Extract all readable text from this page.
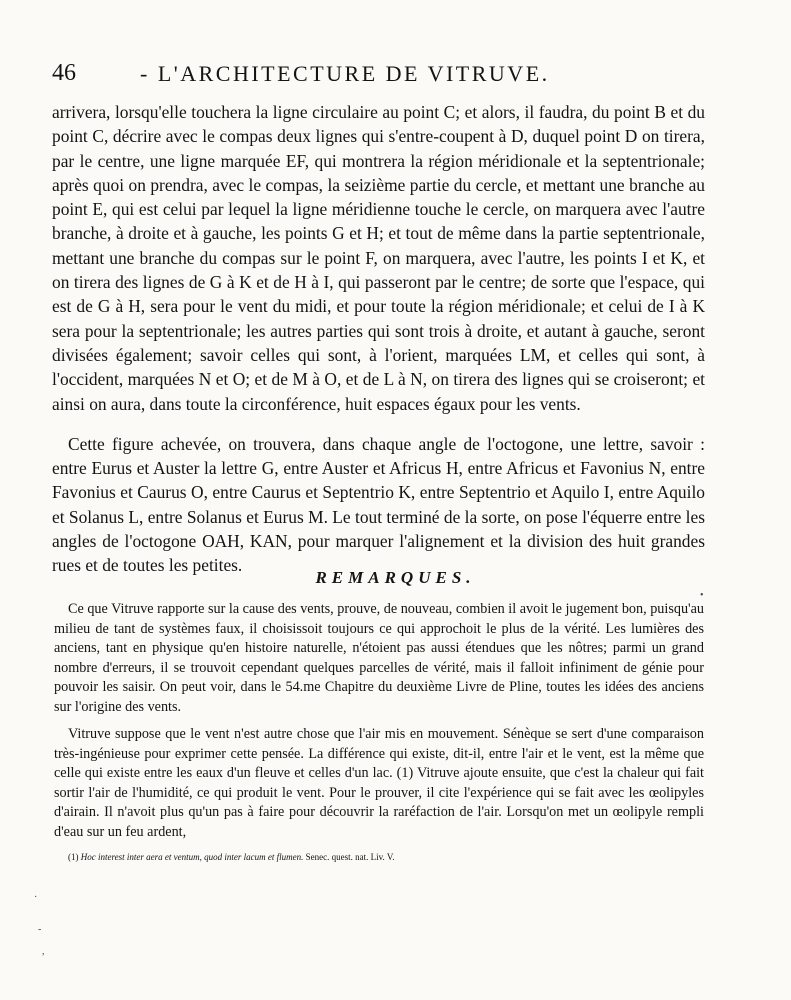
46	- L'ARCHITECTURE DE VITRUVE.

arrivera, lorsqu'elle touchera la ligne circulaire au point C; et alors, il faudra, du point B et du point C, décrire avec le compas deux lignes qui s'entre-coupent à D, duquel point D on tirera, par le centre, une ligne marquée EF, qui montrera la région méridionale et la septentrionale; après quoi on prendra, avec le compas, la seizième partie du cercle, et mettant une branche au point E, qui est celui par lequel la ligne méridienne touche le cercle, on marquera avec l'autre branche, à droite et à gauche, les points G et H; et tout de même dans la partie septentrionale, mettant une branche du compas sur le point F, on marquera, avec l'autre, les points I et K, et on tirera des lignes de G à K et de H à I, qui passeront par le centre; de sorte que l'espace, qui est de G à H, sera pour le vent du midi, et pour toute la région méridionale; et celui de I à K sera pour la septentrionale; les autres parties qui sont trois à droite, et autant à gauche, seront divisées également; savoir celles qui sont, à l'orient, marquées LM, et celles qui sont, à l'occident, marquées N et O; et de M à O, et de L à N, on tirera des lignes qui se croiseront; et ainsi on aura, dans toute la circonférence, huit espaces égaux pour les vents.

Cette figure achevée, on trouvera, dans chaque angle de l'octogone, une lettre, savoir : entre Eurus et Auster la lettre G, entre Auster et Africus H, entre Africus et Favonius N, entre Favonius et Caurus O, entre Caurus et Septentrio K, entre Septentrio et Aquilo I, entre Aquilo et Solanus L, entre Solanus et Eurus M. Le tout terminé de la sorte, on pose l'équerre entre les angles de l'octogone OAH, KAN, pour marquer l'alignement et la division des huit grandes rues et de toutes les petites.

REMARQUES.

Ce que Vitruve rapporte sur la cause des vents, prouve, de nouveau, combien il avoit le jugement bon, puisqu'au milieu de tant de systèmes faux, il choisissoit toujours ce qui approchoit le plus de la vérité. Les lumières des anciens, tant en physique qu'en histoire naturelle, n'étoient pas aussi étendues que les nôtres; parmi un grand nombre d'erreurs, il se trouvoit cependant quelques parcelles de vérité, mais il falloit infiniment de génie pour pouvoir les saisir. On peut voir, dans le 54.me Chapitre du deuxième Livre de Pline, toutes les idées des anciens sur l'origine des vents.

Vitruve suppose que le vent n'est autre chose que l'air mis en mouvement. Sénèque se sert d'une comparaison très-ingénieuse pour exprimer cette pensée. La différence qui existe, dit-il, entre l'air et le vent, est la même que celle qui existe entre les eaux d'un fleuve et celles d'un lac. (1) Vitruve ajoute ensuite, que c'est la chaleur qui fait sortir l'air de l'humidité, ce qui produit le vent. Pour le prouver, il cite l'expérience qui se fait avec les œolipyles d'airain. Il n'avoit plus qu'un pas à faire pour découvrir la raréfaction de l'air. Lorsqu'on met un œolipyle rempli d'eau sur un feu ardent,

(1) Hoc interest inter aera et ventum, quod inter lacum et flumen. Senec. quest. nat. Liv. V.
•
·
-
,
